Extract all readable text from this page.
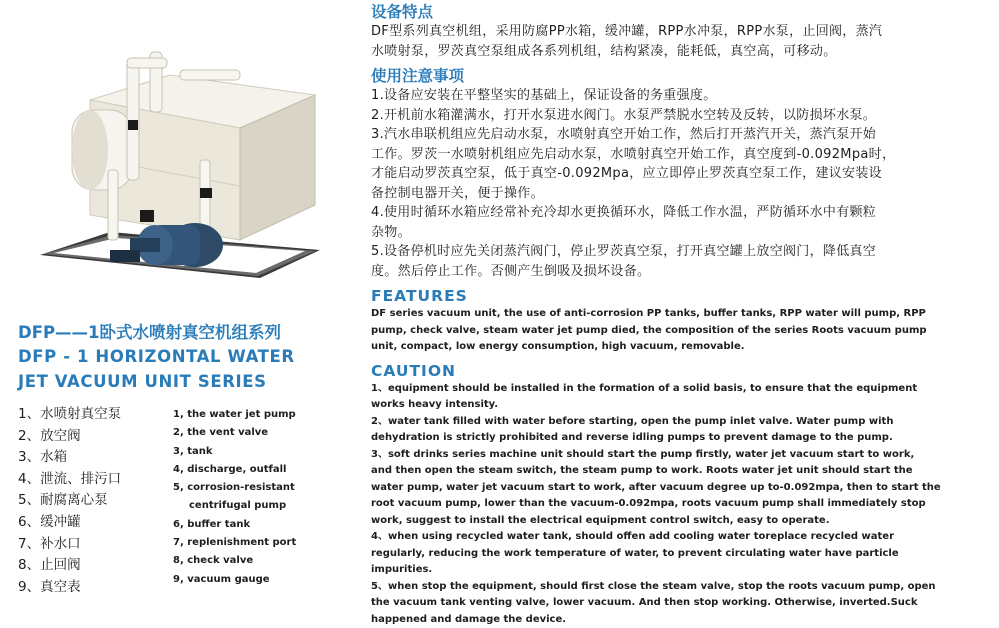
DFP——1卧式水喷射真空机组系列
DFP - 1 HORIZONTAL WATER
JET VACUUM UNIT SERIES
1、水喷射真空泵
2、放空阀
3、水箱
4、泄流、排污口
5、耐腐离心泵
6、缓冲罐
7、补水口
8、止回阀
9、真空表
1, the water jet pump
2, the vent valve
3, tank
4, discharge, outfall
5, corrosion-resistant
centrifugal pump
6, buffer tank
7, replenishment port
8, check valve
9, vacuum gauge
设备特点

DF型系列真空机组，采用防腐PP水箱，缓冲罐，RPP水冲泵，RPP水泵，止回阀，蒸汽

水喷射泵，罗茨真空泵组成各系列机组，结构紧凑，能耗低，真空高，可移动。

使用注意事项

1.设备应安装在平整坚实的基础上，保证设备的务重强度。

2.开机前水箱灌满水，打开水泵进水阀门。水泵严禁脱水空转及反转，以防损坏水泵。

3.汽水串联机组应先启动水泵，水喷射真空开始工作，然后打开蒸汽开关，蒸汽泵开始

工作。罗茨一水喷射机组应先启动水泵，水喷射真空开始工作，真空度到-0.092Mpa时，

才能启动罗茨真空泵，低于真空-0.092Mpa，应立即停止罗茨真空泵工作，建议安装设

备控制电器开关，便于操作。

4.使用时循环水箱应经常补充冷却水更换循环水，降低工作水温，严防循环水中有颗粒

杂物。

5.设备停机时应先关闭蒸汽阀门，停止罗茨真空泵，打开真空罐上放空阀门，降低真空

度。然后停止工作。否侧产生倒吸及损坏设备。

FEATURES

DF series vacuum unit, the use of anti-corrosion PP tanks, buffer tanks, RPP water will pump, RPP

pump, check valve, steam water jet pump died, the composition of the series Roots vacuum pump

unit, compact, low energy consumption, high vacuum, removable.

CAUTION

1、equipment should be installed in the formation of a solid basis, to ensure that the equipment

works heavy intensity.

2、water tank filled with water before starting, open the pump inlet valve. Water pump with

dehydration is strictly prohibited and reverse idling pumps to prevent damage to the pump.

3、soft drinks series machine unit should start the pump firstly, water jet vacuum start to work,

and then open the steam switch, the steam pump to work. Roots water jet unit should start the

water pump, water jet vacuum start to work, after vacuum degree up to-0.092mpa, then to start the

root vacuum pump, lower than the vacuum-0.092mpa, roots vacuum pump shall immediately stop

work, suggest to install the electrical equipment control switch, easy to operate.

4、when using recycled water tank, should offen add cooling water toreplace recycled water

regularly, reducing the work temperature of water, to prevent circulating water have particle

impurities.

5、when stop the equipment, should first close the steam valve, stop the roots vacuum pump, open

the vacuum tank venting valve, lower vacuum. And then stop working. Otherwise, inverted.Suck

happened and damage the device.
